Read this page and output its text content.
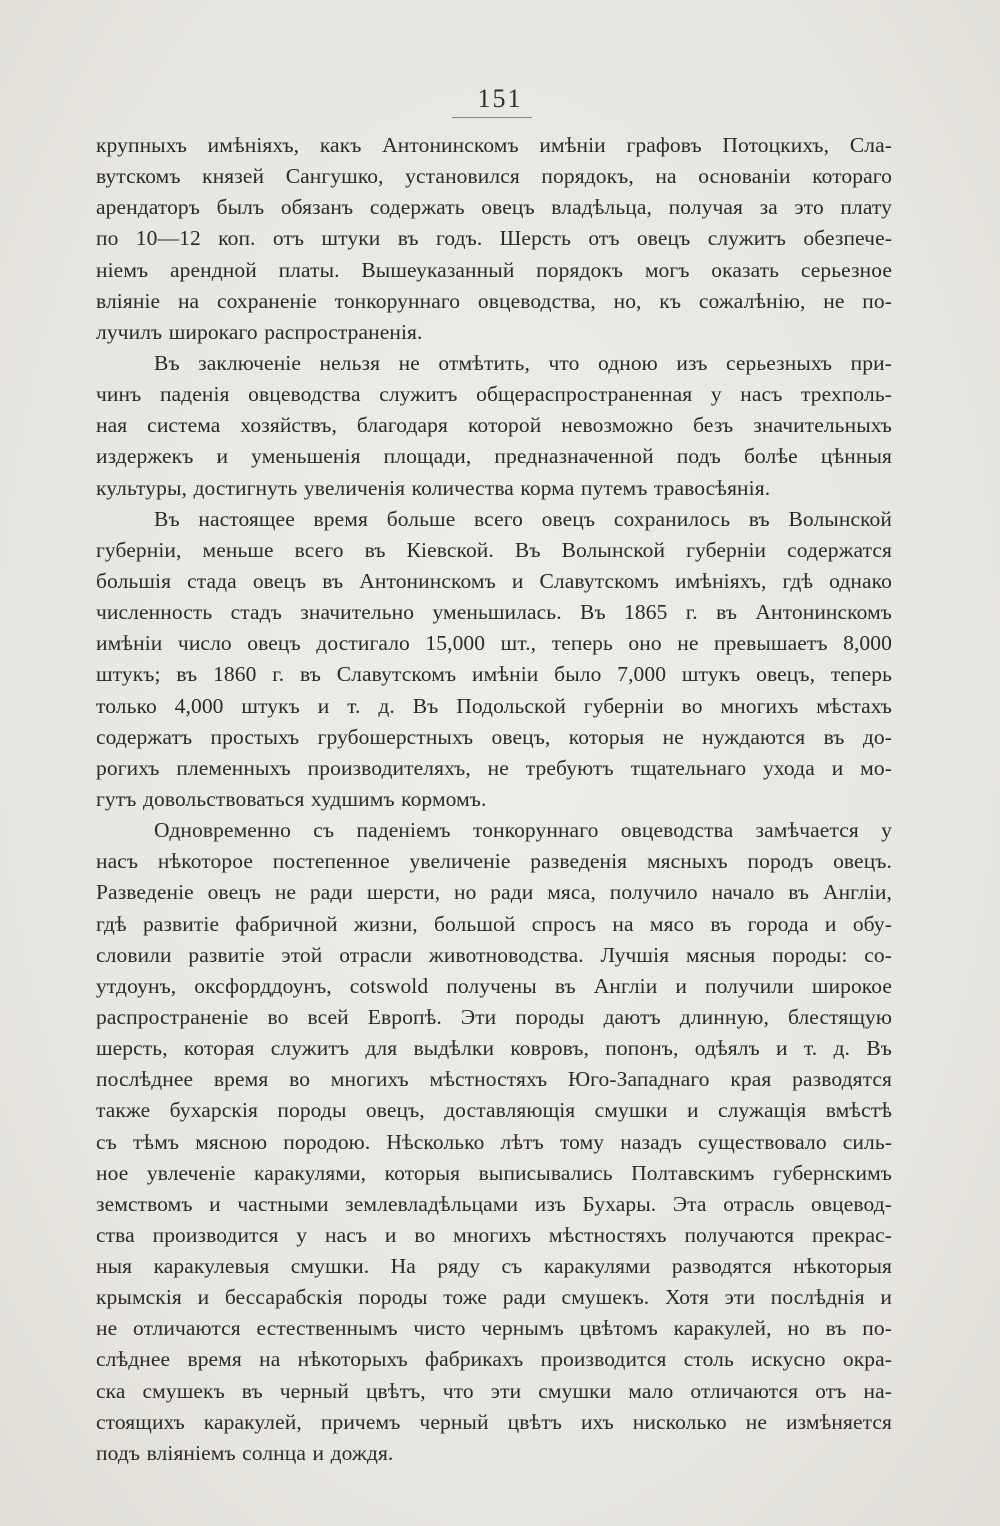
151
крупныхъ имѣніяхъ, какъ Антонинскомъ имѣніи графовъ Потоцкихъ, Сла-
вутскомъ князей Сангушко, установился порядокъ, на основаніи котораго
арендаторъ былъ обязанъ содержать овецъ владѣльца, получая за это плату
по 10—12 коп. отъ штуки въ годъ. Шерсть отъ овецъ служитъ обезпече-
ніемъ арендной платы. Вышеуказанный порядокъ могъ оказать серьезное
вліяніе на сохраненіе тонкоруннаго овцеводства, но, къ сожалѣнію, не по-
лучилъ широкаго распространенія.
Въ заключеніе нельзя не отмѣтить, что одною изъ серьезныхъ при-
чинъ паденія овцеводства служитъ общераспространенная у насъ трехполь-
ная система хозяйствъ, благодаря которой невозможно безъ значительныхъ
издержекъ и уменьшенія площади, предназначенной подъ болѣе цѣнныя
культуры, достигнуть увеличенія количества корма путемъ травосѣянія.
Въ настоящее время больше всего овецъ сохранилось въ Волынской
губерніи, меньше всего въ Кіевской. Въ Волынской губерніи содержатся
большія стада овецъ въ Антонинскомъ и Славутскомъ имѣніяхъ, гдѣ однако
численность стадъ значительно уменьшилась. Въ 1865 г. въ Антонинскомъ
имѣніи число овецъ достигало 15,000 шт., теперь оно не превышаетъ 8,000
штукъ; въ 1860 г. въ Славутскомъ имѣніи было 7,000 штукъ овецъ, теперь
только 4,000 штукъ и т. д. Въ Подольской губерніи во многихъ мѣстахъ
содержатъ простыхъ грубошерстныхъ овецъ, которыя не нуждаются въ до-
рогихъ племенныхъ производителяхъ, не требуютъ тщательнаго ухода и мо-
гутъ довольствоваться худшимъ кормомъ.
Одновременно съ паденіемъ тонкоруннаго овцеводства замѣчается у
насъ нѣкоторое постепенное увеличеніе разведенія мясныхъ породъ овецъ.
Разведеніе овецъ не ради шерсти, но ради мяса, получило начало въ Англіи,
гдѣ развитіе фабричной жизни, большой спросъ на мясо въ города и обу-
словили развитіе этой отрасли животноводства. Лучшія мясныя породы: со-
утдоунъ, оксфорддоунъ, cotswold получены въ Англіи и получили широкое
распространеніе во всей Европѣ. Эти породы даютъ длинную, блестящую
шерсть, которая служитъ для выдѣлки ковровъ, попонъ, одѣялъ и т. д. Въ
послѣднее время во многихъ мѣстностяхъ Юго-Западнаго края разводятся
также бухарскія породы овецъ, доставляющія смушки и служащія вмѣстѣ
съ тѣмъ мясною породою. Нѣсколько лѣтъ тому назадъ существовало силь-
ное увлеченіе каракулями, которыя выписывались Полтавскимъ губернскимъ
земствомъ и частными землевладѣльцами изъ Бухары. Эта отрасль овцевод-
ства производится у насъ и во многихъ мѣстностяхъ получаются прекрас-
ныя каракулевыя смушки. На ряду съ каракулями разводятся нѣкоторыя
крымскія и бессарабскія породы тоже ради смушекъ. Хотя эти послѣднія и
не отличаются естественнымъ чисто чернымъ цвѣтомъ каракулей, но въ по-
слѣднее время на нѣкоторыхъ фабрикахъ производится столь искусно окра-
ска смушекъ въ черный цвѣтъ, что эти смушки мало отличаются отъ на-
стоящихъ каракулей, причемъ черный цвѣтъ ихъ нисколько не измѣняется
подъ вліяніемъ солнца и дождя.
